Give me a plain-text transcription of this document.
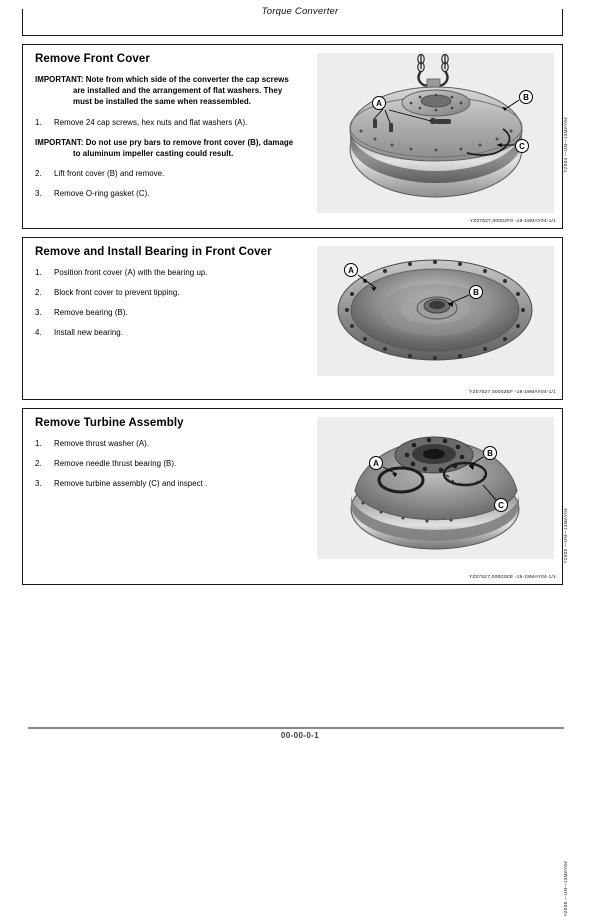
Torque Converter
Remove Front Cover

IMPORTANT: Note from which side of the converter the cap screws are installed and the arrangement of flat washers. They must be installed the same when reassembled.

1.	Remove 24 cap screws, hex nuts and flat washers (A).

IMPORTANT: Do not use pry bars to remove front cover (B), damage to aluminum impeller casting could result.

2.	Lift front cover (B) and remove.

3.	Remove O-ring gasket (C).

A
B
C	YZ504 —UN—13MAY04
YZ07527,00002F0 -19-19MAY04-1/1
Remove and Install Bearing in Front Cover

1.	Position front cover (A) with the bearing up.

2.	Block front cover to prevent tipping.

3.	Remove bearing (B).

4.	Install new bearing.

A
B
YZ505 —UN—13MAY04
YZ07527,00002EF -19-19MAY04-1/1
Remove Turbine Assembly

1.	Remove thrust washer (A).

2.	Remove needle thrust bearing (B).

3.	Remove turbine assembly (C) and inspect .

A
B
C
YZ506 —UN—13MAY04
YZ07527,00002EE -19-19MAY04-1/1
00-00-0-1
